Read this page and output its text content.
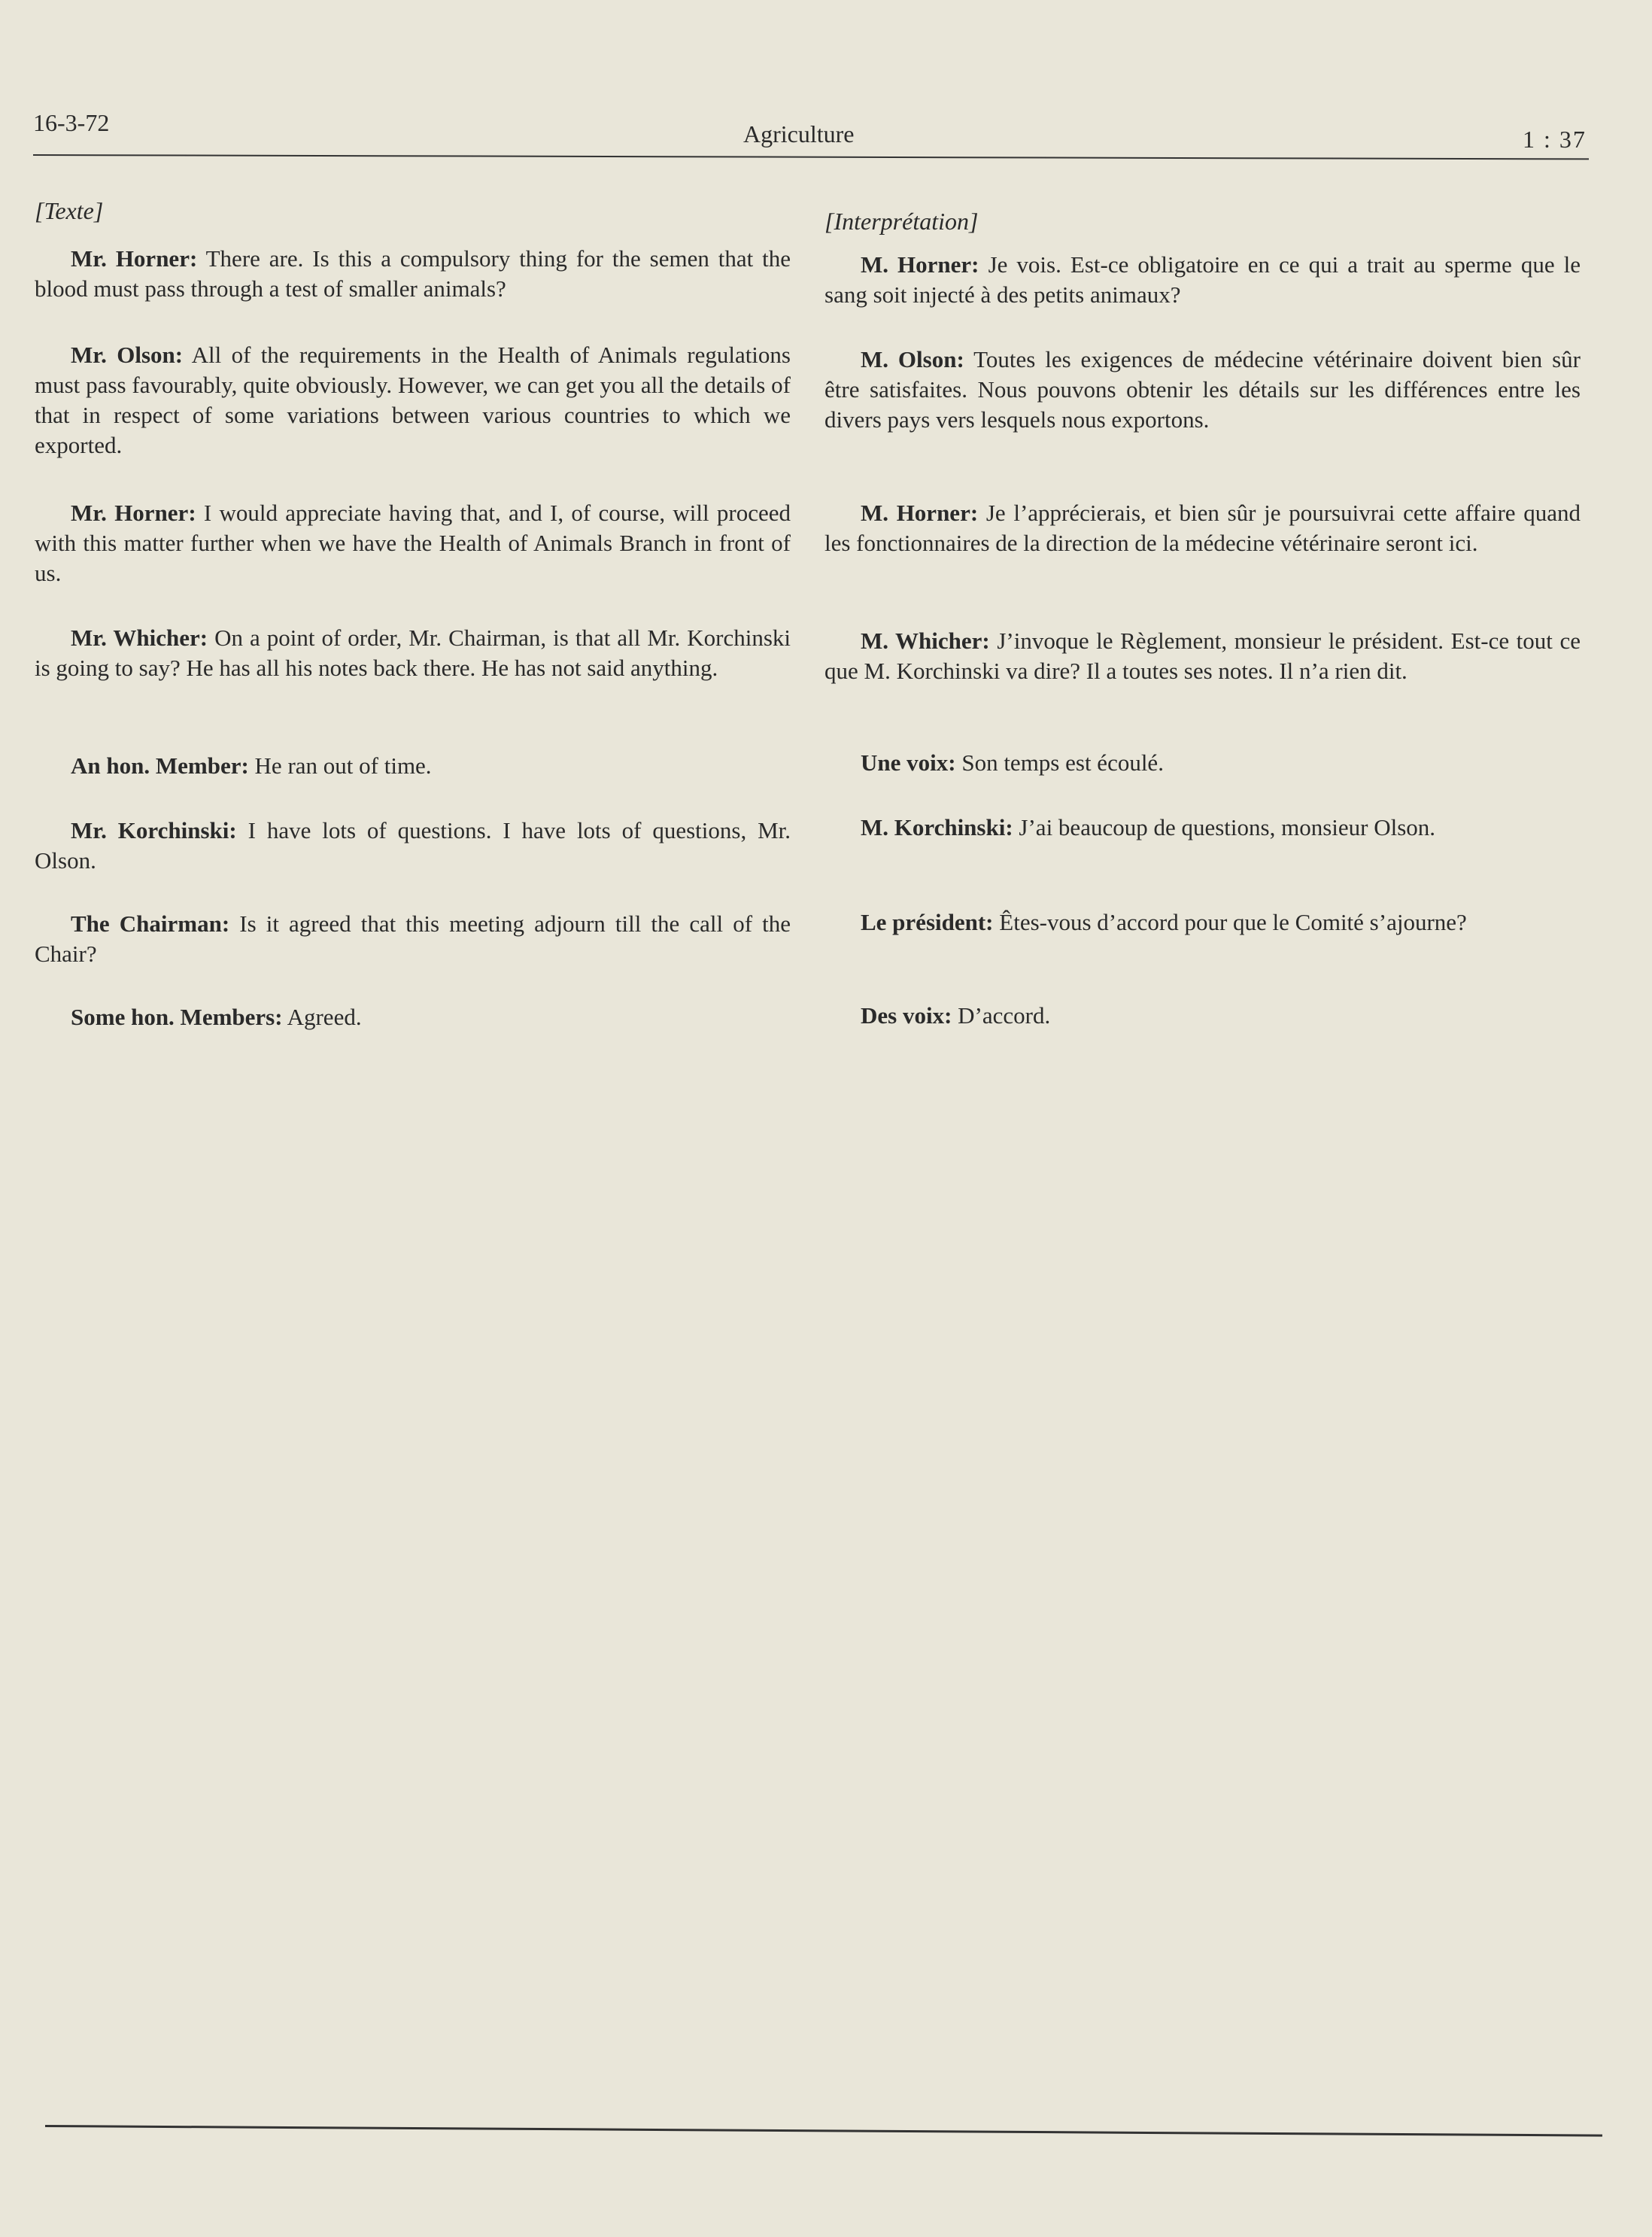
16-3-72	Agriculture	1 : 37
[Texte]

Mr. Horner: There are. Is this a compulsory thing for the semen that the blood must pass through a test of smaller animals?

Mr. Olson: All of the requirements in the Health of Animals regulations must pass favourably, quite obviously. However, we can get you all the details of that in respect of some variations between various countries to which we exported.

Mr. Horner: I would appreciate having that, and I, of course, will proceed with this matter further when we have the Health of Animals Branch in front of us.

Mr. Whicher: On a point of order, Mr. Chairman, is that all Mr. Korchinski is going to say? He has all his notes back there. He has not said anything.

An hon. Member: He ran out of time.

Mr. Korchinski: I have lots of questions. I have lots of questions, Mr. Olson.

The Chairman: Is it agreed that this meeting adjourn till the call of the Chair?

Some hon. Members: Agreed.

[Interprétation]

M. Horner: Je vois. Est-ce obligatoire en ce qui a trait au sperme que le sang soit injecté à des petits animaux?

M. Olson: Toutes les exigences de médecine vétérinaire doivent bien sûr être satisfaites. Nous pouvons obtenir les détails sur les différences entre les divers pays vers lesquels nous exportons.

M. Horner: Je l’apprécierais, et bien sûr je poursuivrai cette affaire quand les fonctionnaires de la direction de la médecine vétérinaire seront ici.

M. Whicher: J’invoque le Règlement, monsieur le président. Est-ce tout ce que M. Korchinski va dire? Il a toutes ses notes. Il n’a rien dit.

Une voix: Son temps est écoulé.

M. Korchinski: J’ai beaucoup de questions, monsieur Olson.

Le président: Êtes-vous d’accord pour que le Comité s’ajourne?

Des voix: D’accord.
